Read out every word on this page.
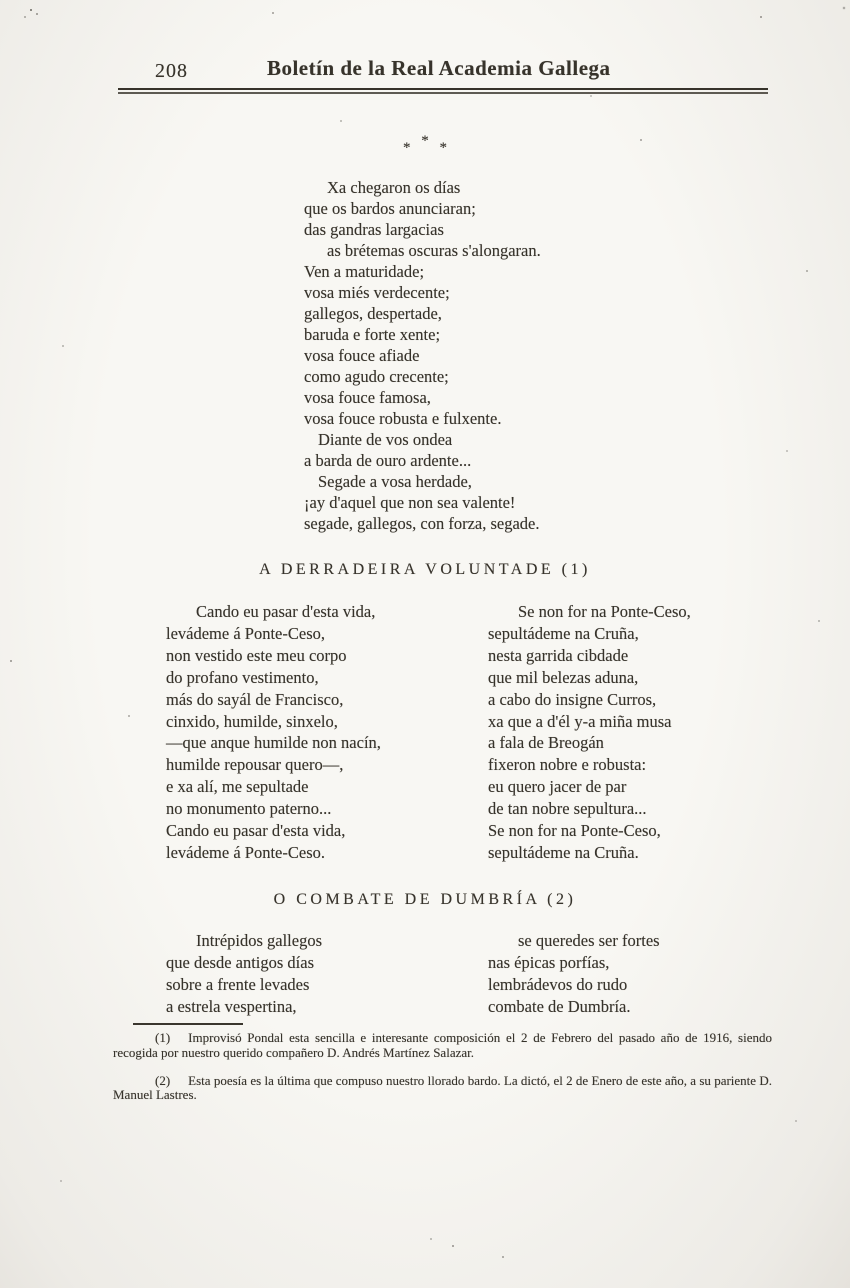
208	Boletín de la Real Academia Gallega
* * *
Xa chegaron os días
que os bardos anunciaran;
das gandras largacias
as brétemas oscuras s'alongaran.
Ven a maturidade;
vosa miés verdecente;
gallegos, despertade,
baruda e forte xente;
vosa fouce afiade
como agudo crecente;
vosa fouce famosa,
vosa fouce robusta e fulxente.
Diante de vos ondea
a barda de ouro ardente...
Segade a vosa herdade,
¡ay d'aquel que non sea valente!
segade, gallegos, con forza, segade.
A DERRADEIRA VOLUNTADE (1)
Cando eu pasar d'esta vida,
levádeme á Ponte-Ceso,
non vestido este meu corpo
do profano vestimento,
más do sayál de Francisco,
cinxido, humilde, sinxelo,
—que anque humilde non nacín,
humilde repousar quero—,
e xa alí, me sepultade
no monumento paterno...
Cando eu pasar d'esta vida,
levádeme á Ponte-Ceso.
Se non for na Ponte-Ceso,
sepultádeme na Cruña,
nesta garrida cibdade
que mil belezas aduna,
a cabo do insigne Curros,
xa que a d'él y-a miña musa
a fala de Breogán
fixeron nobre e robusta:
eu quero jacer de par
de tan nobre sepultura...
Se non for na Ponte-Ceso,
sepultádeme na Cruña.
O COMBATE DE DUMBRÍA (2)
Intrépidos gallegos
que desde antigos días
sobre a frente levades
a estrela vespertina,
se queredes ser fortes
nas épicas porfías,
lembrádevos do rudo
combate de Dumbría.

(1) Improvisó Pondal esta sencilla e interesante composición el 2 de Febrero del pasado año de 1916, siendo recogida por nuestro querido compañero D. Andrés Martínez Salazar.

(2) Esta poesía es la última que compuso nuestro llorado bardo. La dictó, el 2 de Enero de este año, a su pariente D. Manuel Lastres.
